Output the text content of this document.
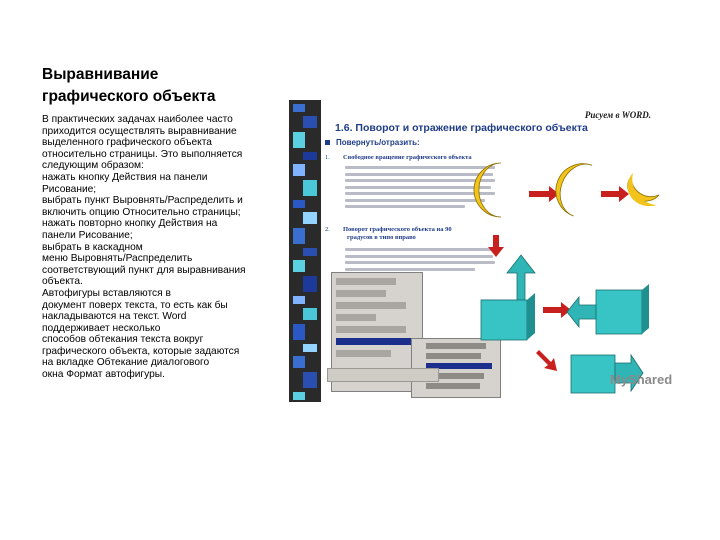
Выравнивание
графического объекта
В практических задачах наиболее часто
приходится осуществлять выравнивание
выделенного графического объекта
относительно страницы. Это выполняется
следующим образом:
нажать кнопку Действия на панели
Рисование;
выбрать пункт Выровнять/Распределить и
включить опцию Относительно страницы;
нажать повторно кнопку Действия на
панели Рисование;
выбрать в каскадном
меню Выровнять/Распределить
соответствующий пункт для выравнивания
объекта.
Автофигуры вставляются в
документ поверх текста, то есть как бы
накладываются на текст. Word
поддерживает несколько
способов обтекания текста вокруг
графического объекта, которые задаются
на вкладке Обтекание диалогового
окна Формат автофигуры.
Рисуем в WORD.
1.6. Поворот и отражение графического объекта
Повернуть/отразить:
1. Свободное вращение графического объекта
2. Поворот графического объекта на 90
градусов в типо вправо
MyShared
